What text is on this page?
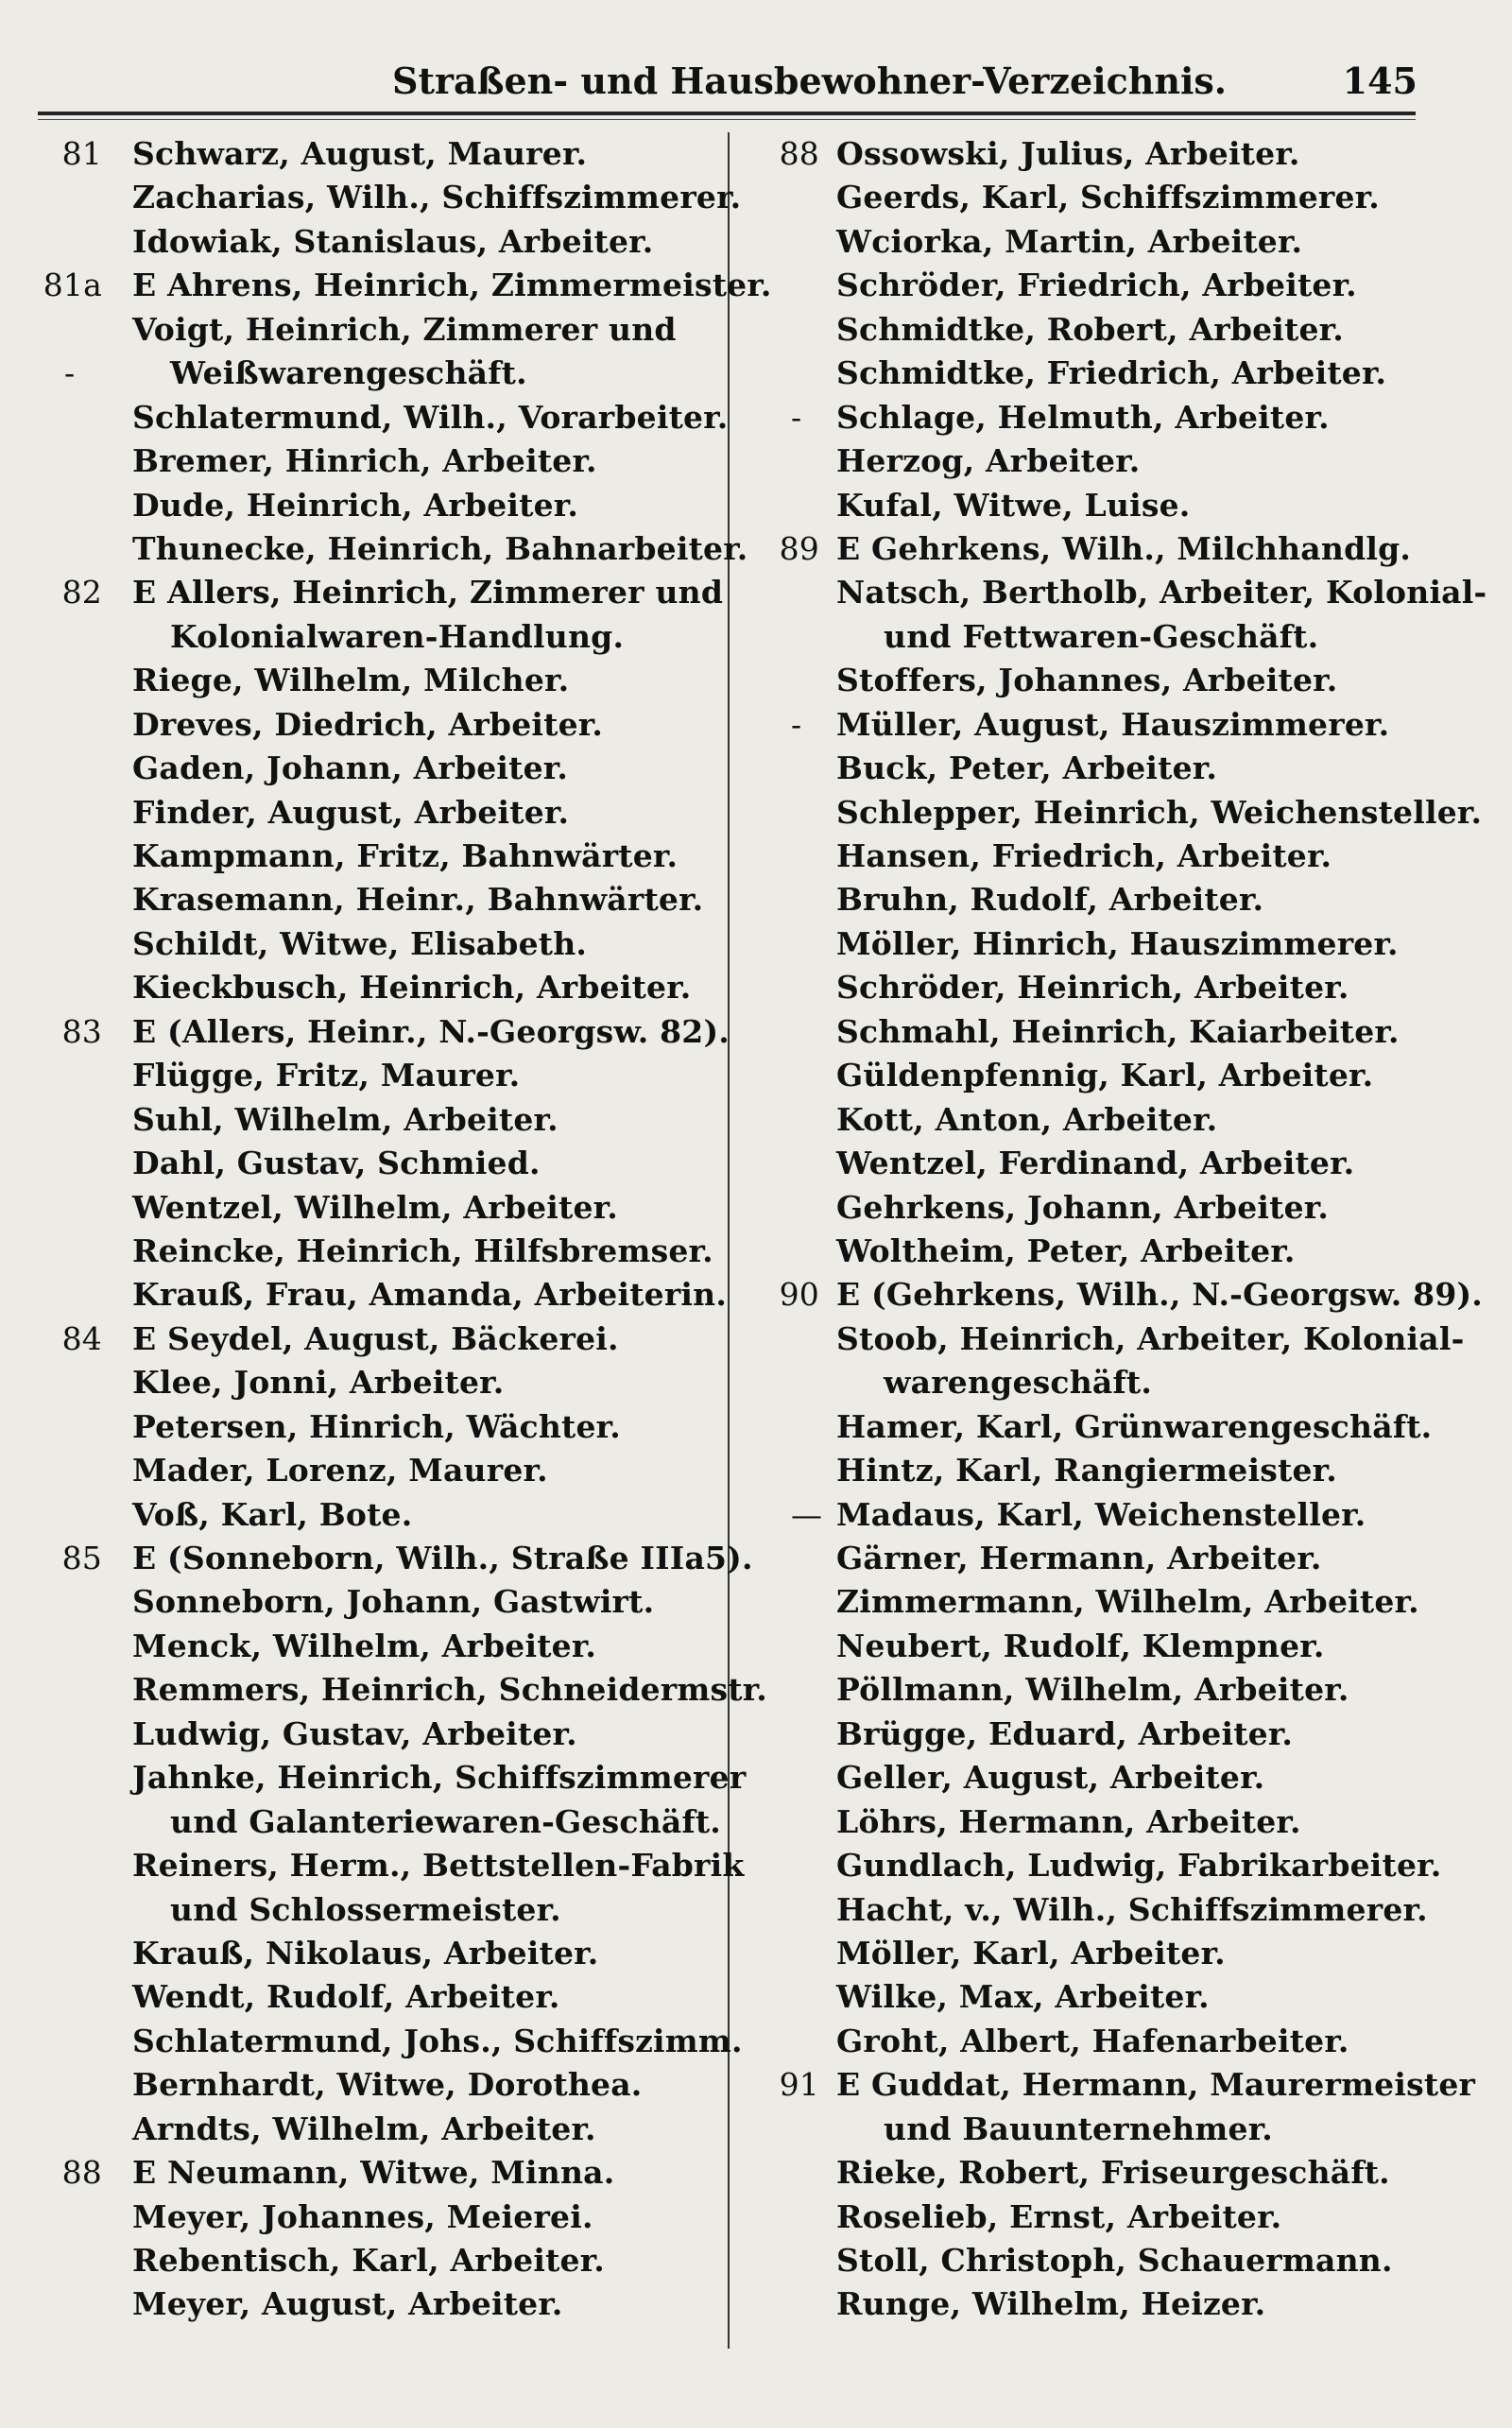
Straßen- und Hausbewohner-Verzeichnis.	145
81 Schwarz, August, Maurer.
Zacharias, Wilh., Schiffszimmerer.
Idowiak, Stanislaus, Arbeiter.
81a E Ahrens, Heinrich, Zimmermeister.
Voigt, Heinrich, Zimmerer und
-	Weißwarengeschäft.
Schlatermund, Wilh., Vorarbeiter.
Bremer, Hinrich, Arbeiter.
Dude, Heinrich, Arbeiter.
Thunecke, Heinrich, Bahnarbeiter.
82 E Allers, Heinrich, Zimmerer und
Kolonialwaren-Handlung.
Riege, Wilhelm, Milcher.
Dreves, Diedrich, Arbeiter.
Gaden, Johann, Arbeiter.
Finder, August, Arbeiter.
Kampmann, Fritz, Bahnwärter.
Krasemann, Heinr., Bahnwärter.
Schildt, Witwe, Elisabeth.
Kieckbusch, Heinrich, Arbeiter.
83 E (Allers, Heinr., N.-Georgsw. 82).
Flügge, Fritz, Maurer.
Suhl, Wilhelm, Arbeiter.
Dahl, Gustav, Schmied.
Wentzel, Wilhelm, Arbeiter.
Reincke, Heinrich, Hilfsbremser.
Krauß, Frau, Amanda, Arbeiterin.
84 E Seydel, August, Bäckerei.
Klee, Jonni, Arbeiter.
Petersen, Hinrich, Wächter.
Mader, Lorenz, Maurer.
Voß, Karl, Bote.
85 E (Sonneborn, Wilh., Straße IIIa5).
Sonneborn, Johann, Gastwirt.
Menck, Wilhelm, Arbeiter.
Remmers, Heinrich, Schneidermstr.
Ludwig, Gustav, Arbeiter.
Jahnke, Heinrich, Schiffszimmerer
und Galanteriewaren-Geschäft.
Reiners, Herm., Bettstellen-Fabrik
und Schlossermeister.
Krauß, Nikolaus, Arbeiter.
Wendt, Rudolf, Arbeiter.
Schlatermund, Johs., Schiffszimm.
Bernhardt, Witwe, Dorothea.
Arndts, Wilhelm, Arbeiter.
88 E Neumann, Witwe, Minna.
Meyer, Johannes, Meierei.
Rebentisch, Karl, Arbeiter.
Meyer, August, Arbeiter.
88 Ossowski, Julius, Arbeiter.
Geerds, Karl, Schiffszimmerer.
Wciorka, Martin, Arbeiter.
Schröder, Friedrich, Arbeiter.
Schmidtke, Robert, Arbeiter.
Schmidtke, Friedrich, Arbeiter.
- Schlage, Helmuth, Arbeiter.
Herzog, Arbeiter.
Kufal, Witwe, Luise.
89 E Gehrkens, Wilh., Milchhandlg.
Natsch, Bertholb, Arbeiter, Kolonial-
und Fettwaren-Geschäft.
Stoffers, Johannes, Arbeiter.
- Müller, August, Hauszimmerer.
Buck, Peter, Arbeiter.
Schlepper, Heinrich, Weichensteller.
Hansen, Friedrich, Arbeiter.
Bruhn, Rudolf, Arbeiter.
Möller, Hinrich, Hauszimmerer.
Schröder, Heinrich, Arbeiter.
Schmahl, Heinrich, Kaiarbeiter.
Güldenpfennig, Karl, Arbeiter.
Kott, Anton, Arbeiter.
Wentzel, Ferdinand, Arbeiter.
Gehrkens, Johann, Arbeiter.
Woltheim, Peter, Arbeiter.
90 E (Gehrkens, Wilh., N.-Georgsw. 89).
Stoob, Heinrich, Arbeiter, Kolonial-
warengeschäft.
Hamer, Karl, Grünwarengeschäft.
Hintz, Karl, Rangiermeister.
— Madaus, Karl, Weichensteller.
Gärner, Hermann, Arbeiter.
Zimmermann, Wilhelm, Arbeiter.
Neubert, Rudolf, Klempner.
Pöllmann, Wilhelm, Arbeiter.
Brügge, Eduard, Arbeiter.
Geller, August, Arbeiter.
Löhrs, Hermann, Arbeiter.
Gundlach, Ludwig, Fabrikarbeiter.
Hacht, v., Wilh., Schiffszimmerer.
Möller, Karl, Arbeiter.
Wilke, Max, Arbeiter.
Groht, Albert, Hafenarbeiter.
91 E Guddat, Hermann, Maurermeister
und Bauunternehmer.
Rieke, Robert, Friseurgeschäft.
Roselieb, Ernst, Arbeiter.
Stoll, Christoph, Schauermann.
Runge, Wilhelm, Heizer.
